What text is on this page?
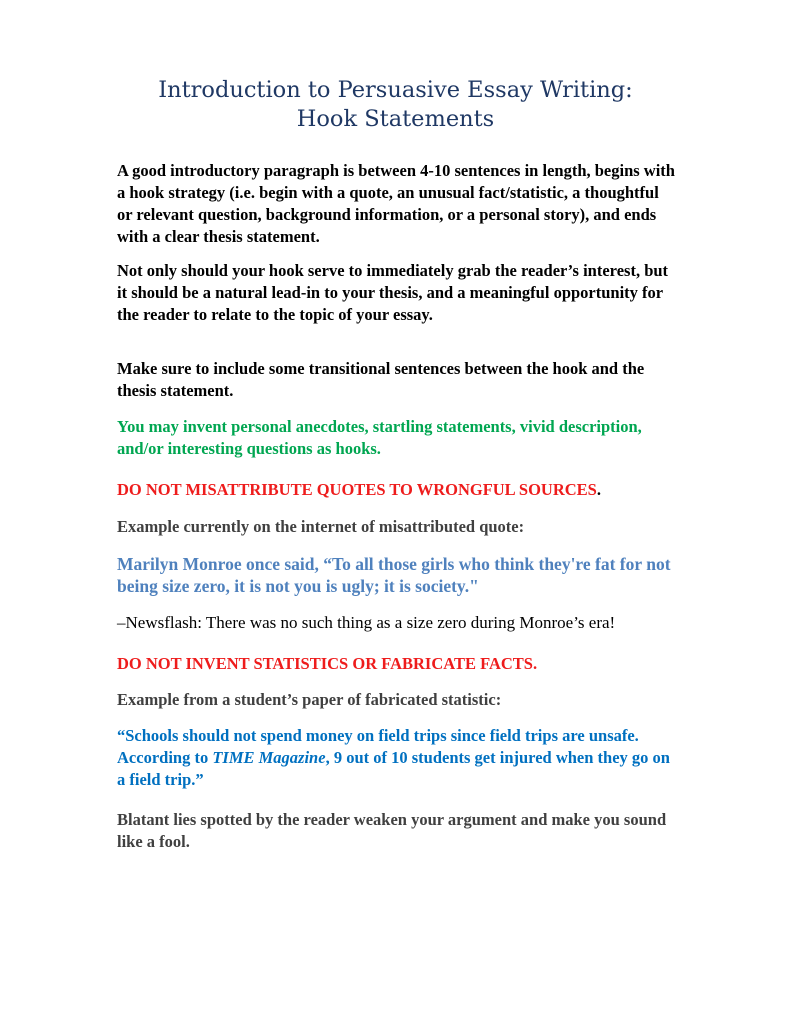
Introduction to Persuasive Essay Writing:
Hook Statements
A good introductory paragraph is between 4-10 sentences in length, begins with a hook strategy (i.e. begin with a quote, an unusual fact/statistic, a thoughtful or relevant question, background information, or a personal story), and ends with a clear thesis statement.
Not only should your hook serve to immediately grab the reader’s interest, but it should be a natural lead-in to your thesis, and a meaningful opportunity for the reader to relate to the topic of your essay.
Make sure to include some transitional sentences between the hook and the thesis statement.
You may invent personal anecdotes, startling statements, vivid description, and/or interesting questions as hooks.
DO NOT MISATTRIBUTE QUOTES TO WRONGFUL SOURCES.
Example currently on the internet of misattributed quote:
Marilyn Monroe once said, “To all those girls who think they're fat for not being size zero, it is not you is ugly; it is society."
–Newsflash: There was no such thing as a size zero during Monroe’s era!
DO NOT INVENT STATISTICS OR FABRICATE FACTS.
Example from a student’s paper of fabricated statistic:
“Schools should not spend money on field trips since field trips are unsafe. According to TIME Magazine, 9 out of 10 students get injured when they go on a field trip.”
Blatant lies spotted by the reader weaken your argument and make you sound like a fool.
